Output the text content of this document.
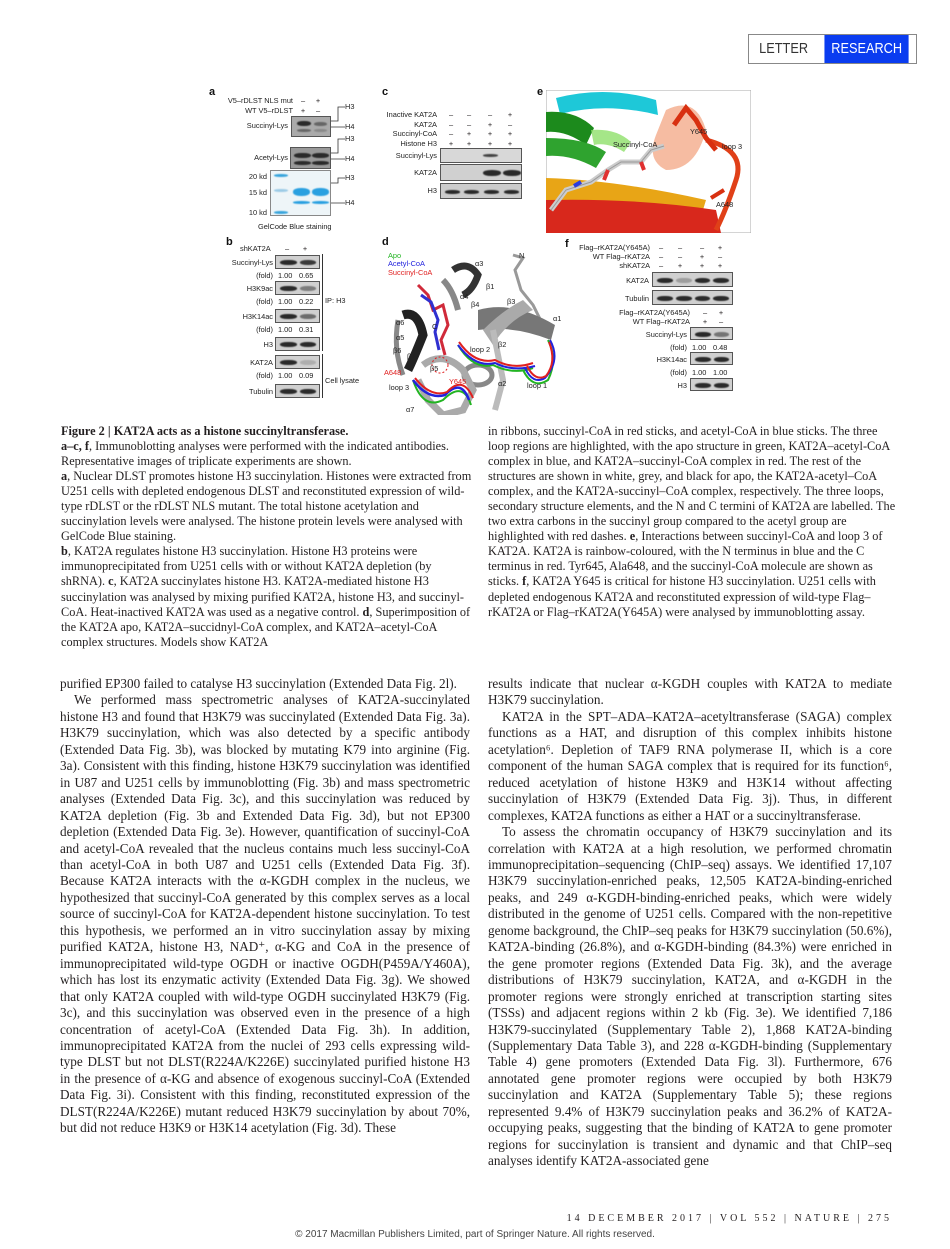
LETTER	RESEARCH
a
V5–rDLST NLS mut	–	+
WT V5–rDLST	+	–
Succinyl-Lys
Acetyl-Lys
20 kd
15 kd
10 kd
H3
H4
H3
H4
H3
H4
GelCode Blue staining
c
Inactive KAT2A	–	–	–	+
KAT2A	–	–	+	–
Succinyl-CoA	–	+	+	+
Histone H3	+	+	+	+
Succinyl-Lys
KAT2A
H3
e
Succinyl-CoA
Y645
loop 3
A648
b
shKAT2A	–	+
Succinyl-Lys
(fold) 1.00 0.65
H3K9ac
(fold) 1.00 0.22
H3K14ac
(fold) 1.00 0.31
H3
KAT2A
(fold) 1.00 0.09
Tubulin
IP: H3
Cell lysate
d
Apo
Acetyl-CoA
Succinyl-CoA
α3
N
β1
α4
β4	β3
α1
α6	C
α5
β6	loop 2
β2
β7
β5
A648
Y645	α2	loop 1
loop 3
α7
f	Flag–rKAT2A(Y645A)	–	–	–	+
WT Flag–rKAT2A	–	–	+	–
shKAT2A	–	+	+	+
KAT2A
Tubulin
Flag–rKAT2A(Y645A)	–	+
WT Flag–rKAT2A	+	–
Succinyl-Lys
(fold) 1.00 0.48
H3K14ac
(fold) 1.00 1.00
H3
Figure 2 | KAT2A acts as a histone succinyltransferase.
a–c, f, Immunoblotting analyses were performed with the indicated antibodies. Representative images of triplicate experiments are shown.
a, Nuclear DLST promotes histone H3 succinylation. Histones were extracted from U251 cells with depleted endogenous DLST and reconstituted expression of wild-type rDLST or the rDLST NLS mutant. The total histone acetylation and succinylation levels were analysed. The histone protein levels were analysed with GelCode Blue staining.
b, KAT2A regulates histone H3 succinylation. Histone H3 proteins were immunoprecipitated from U251 cells with or without KAT2A depletion (by shRNA). c, KAT2A succinylates histone H3. KAT2A-mediated histone H3 succinylation was analysed by mixing purified KAT2A, histone H3, and succinyl-CoA. Heat-inactived KAT2A was used as a negative control. d, Superimposition of the KAT2A apo, KAT2A–succidnyl-CoA complex, and KAT2A–acetyl-CoA complex structures. Models show KAT2A
in ribbons, succinyl-CoA in red sticks, and acetyl-CoA in blue sticks. The three loop regions are highlighted, with the apo structure in green, KAT2A–acetyl-CoA complex in blue, and KAT2A–succinyl-CoA complex in red. The rest of the structures are shown in white, grey, and black for apo, the KAT2A-acetyl–CoA complex, and the KAT2A-succinyl–CoA complex, respectively. The three loops, secondary structure elements, and the N and C termini of KAT2A are labelled. The two extra carbons in the succinyl group compared to the acetyl group are highlighted with red dashes. e, Interactions between succinyl-CoA and loop 3 of KAT2A. KAT2A is rainbow-coloured, with the N terminus in blue and the C terminus in red. Tyr645, Ala648, and the succinyl-CoA molecule are shown as sticks. f, KAT2A Y645 is critical for histone H3 succinylation. U251 cells with depleted endogenous KAT2A and reconstituted expression of wild-type Flag–rKAT2A or Flag–rKAT2A(Y645A) were analysed by immunoblotting assay.

purified EP300 failed to catalyse H3 succinylation (Extended Data Fig. 2l).

We performed mass spectrometric analyses of KAT2A-succinylated histone H3 and found that H3K79 was succinylated (Extended Data Fig. 3a). H3K79 succinylation, which was also detected by a specific antibody (Extended Data Fig. 3b), was blocked by mutating K79 into arginine (Fig. 3a). Consistent with this finding, histone H3K79 succinylation was identified in U87 and U251 cells by immunoblotting (Fig. 3b) and mass spectrometric analyses (Extended Data Fig. 3c), and this succinylation was reduced by KAT2A depletion (Fig. 3b and Extended Data Fig. 3d), but not EP300 depletion (Extended Data Fig. 3e). However, quantification of succinyl-CoA and acetyl-CoA revealed that the nucleus contains much less succinyl-CoA than acetyl-CoA in both U87 and U251 cells (Extended Data Fig. 3f). Because KAT2A interacts with the α-KGDH complex in the nucleus, we hypothesized that succinyl-CoA generated by this complex serves as a local source of succinyl-CoA for KAT2A-dependent histone succinylation. To test this hypothesis, we performed an in vitro succinylation assay by mixing purified KAT2A, histone H3, NAD⁺, α-KG and CoA in the presence of immunoprecipitated wild-type OGDH or inactive OGDH(P459A/Y460A), which has lost its enzymatic activity (Extended Data Fig. 3g). We showed that only KAT2A coupled with wild-type OGDH succinylated H3K79 (Fig. 3c), and this succinylation was observed even in the presence of a high concentration of acetyl-CoA (Extended Data Fig. 3h). In addition, immunoprecipitated KAT2A from the nuclei of 293 cells expressing wild-type DLST but not DLST(R224A/K226E) succinylated purified histone H3 in the presence of α-KG and absence of exogenous succinyl-CoA (Extended Data Fig. 3i). Consistent with this finding, reconstituted expression of the DLST(R224A/K226E) mutant reduced H3K79 succinylation by about 70%, but did not reduce H3K9 or H3K14 acetylation (Fig. 3d). These

results indicate that nuclear α-KGDH couples with KAT2A to mediate H3K79 succinylation.

KAT2A in the SPT–ADA–KAT2A–acetyltransferase (SAGA) complex functions as a HAT, and disruption of this complex inhibits histone acetylation⁶. Depletion of TAF9 RNA polymerase II, which is a core component of the human SAGA complex that is required for its function⁶, reduced acetylation of histone H3K9 and H3K14 without affecting succinylation of H3K79 (Extended Data Fig. 3j). Thus, in different complexes, KAT2A functions as either a HAT or a succinyltransferase.

To assess the chromatin occupancy of H3K79 succinylation and its correlation with KAT2A at a high resolution, we performed chromatin immunoprecipitation–sequencing (ChIP–seq) assays. We identified 17,107 H3K79 succinylation-enriched peaks, 12,505 KAT2A-binding-enriched peaks, and 249 α-KGDH-binding-enriched peaks, which were widely distributed in the genome of U251 cells. Compared with the non-repetitive genome background, the ChIP–seq peaks for H3K79 succinylation (50.6%), KAT2A-binding (26.8%), and α-KGDH-binding (84.3%) were enriched in the gene promoter regions (Extended Data Fig. 3k), and the average distributions of H3K79 succinylation, KAT2A, and α-KGDH in the promoter regions were strongly enriched at transcription starting sites (TSSs) and adjacent regions within 2 kb (Fig. 3e). We identified 7,186 H3K79-succinylated (Supplementary Table 2), 1,868 KAT2A-binding (Supplementary Data Table 3), and 228 α-KGDH-binding (Supplementary Table 4) gene promoters (Extended Data Fig. 3l). Furthermore, 676 annotated gene promoter regions were occupied by both H3K79 succinylation and KAT2A (Supplementary Table 5); these regions represented 9.4% of H3K79 succinylation peaks and 36.2% of KAT2A-occupying peaks, suggesting that the binding of KAT2A to gene promoter regions for succinylation is transient and dynamic and that ChIP–seq analyses identify KAT2A-associated gene

14 DECEMBER 2017 | VOL 552 | NATURE | 275
© 2017 Macmillan Publishers Limited, part of Springer Nature. All rights reserved.
